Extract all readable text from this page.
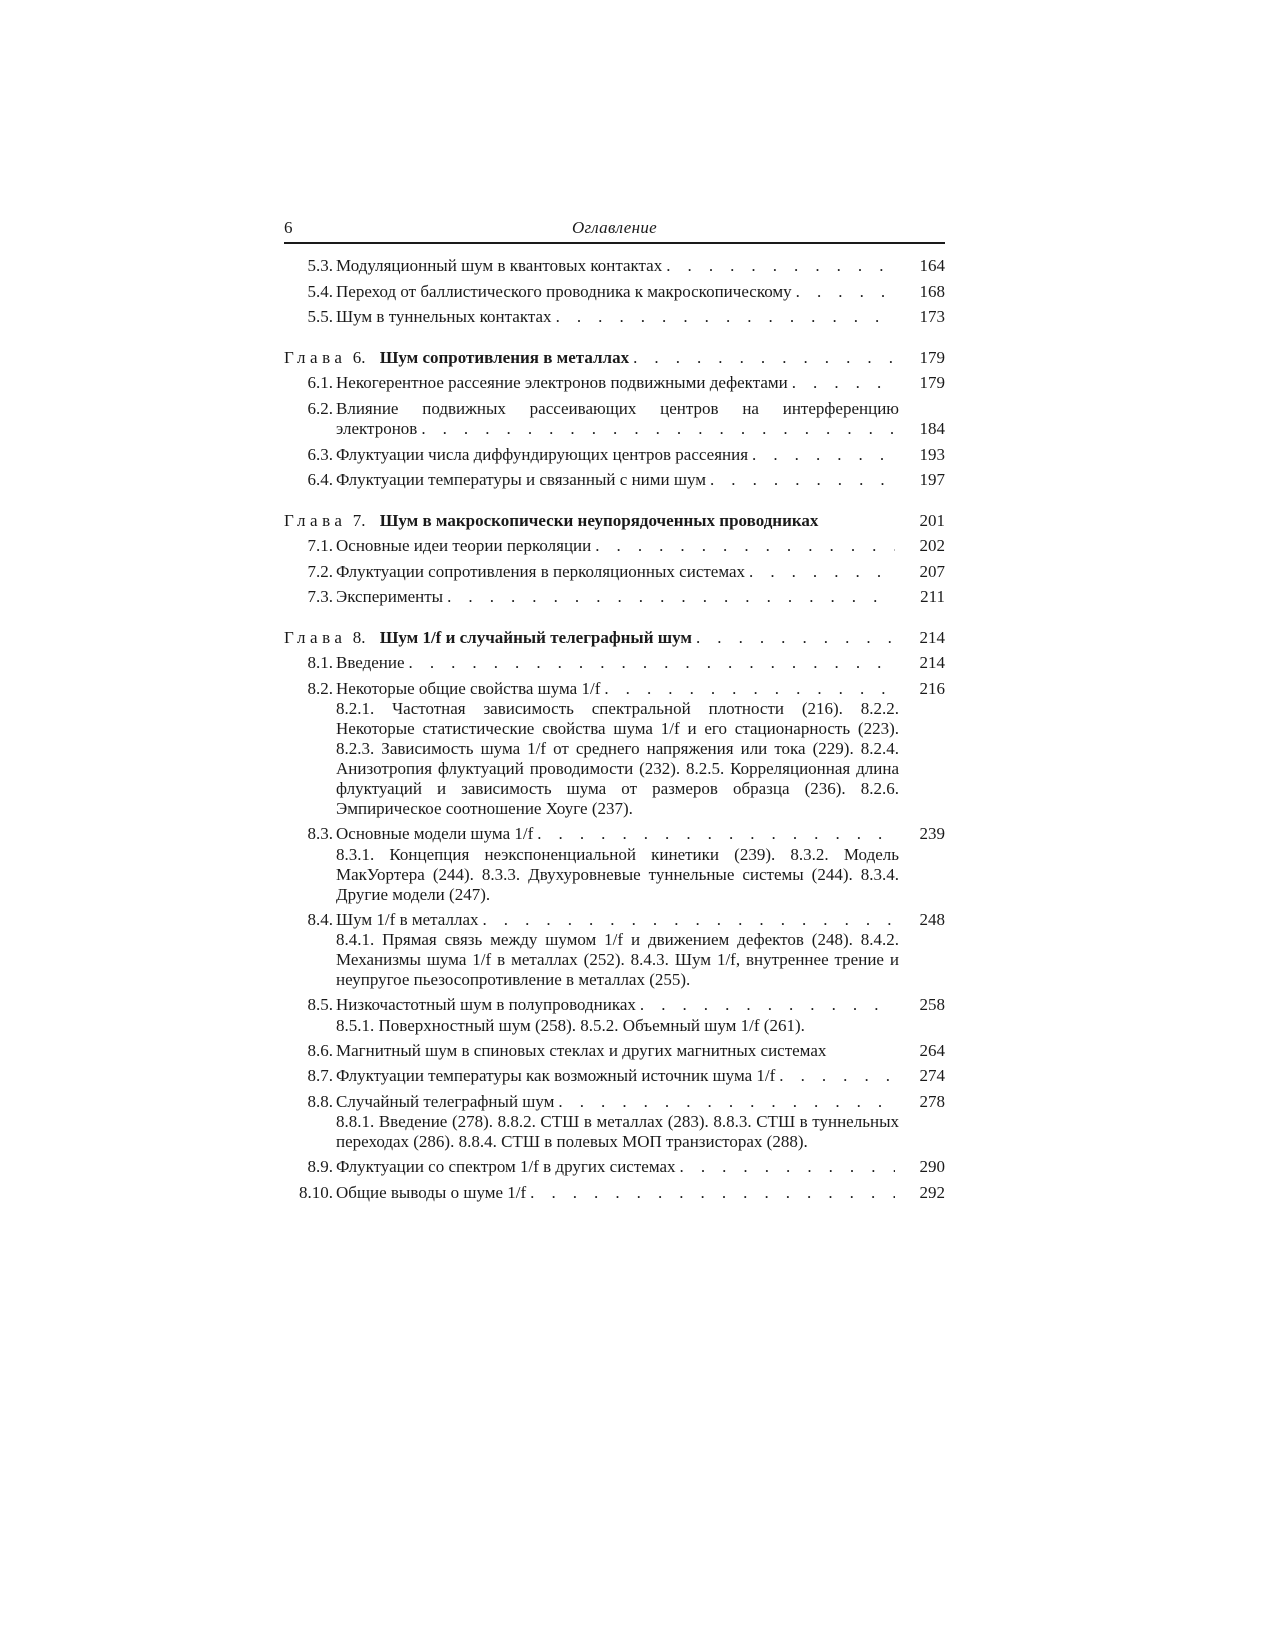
6	Оглавление
5.3. Модуляционный шум в квантовых контактах . . .	164
5.4. Переход от баллистического проводника к макроскопическому . . .	168
5.5. Шум в туннельных контактах . . .	173
Глава 6. Шум сопротивления в металлах . . .	179
6.1. Некогерентное рассеяние электронов подвижными дефектами . . .	179
6.2. Влияние подвижных рассеивающих центров на интерференцию
электронов . . .	184
6.3. Флуктуации числа диффундирующих центров рассеяния . . .	193
6.4. Флуктуации температуры и связанный с ними шум . . .	197
Глава 7. Шум в макроскопически неупорядоченных проводниках	201
7.1. Основные идеи теории перколяции . . .	202
7.2. Флуктуации сопротивления в перколяционных системах . . .	207
7.3. Эксперименты . . .	211
Глава 8. Шум 1/f и случайный телеграфный шум . . .	214
8.1. Введение . . .	214
8.2. Некоторые общие свойства шума 1/f . . .	216
8.2.1. Частотная зависимость спектральной плотности (216). 8.2.2. Некоторые статистические свойства шума 1/f и его стационарность (223). 8.2.3. Зависимость шума 1/f от среднего напряжения или тока (229). 8.2.4. Анизотропия флуктуаций проводимости (232). 8.2.5. Корреляционная длина флуктуаций и зависимость шума от размеров образца (236). 8.2.6. Эмпирическое соотношение Хоуге (237).
8.3. Основные модели шума 1/f . . .	239
8.3.1. Концепция неэкспоненциальной кинетики (239). 8.3.2. Модель МакУортера (244). 8.3.3. Двухуровневые туннельные системы (244). 8.3.4. Другие модели (247).
8.4. Шум 1/f в металлах . . .	248
8.4.1. Прямая связь между шумом 1/f и движением дефектов (248). 8.4.2. Механизмы шума 1/f в металлах (252). 8.4.3. Шум 1/f, внутреннее трение и неупругое пьезосопротивление в металлах (255).
8.5. Низкочастотный шум в полупроводниках . . .	258
8.5.1. Поверхностный шум (258). 8.5.2. Объемный шум 1/f (261).
8.6. Магнитный шум в спиновых стеклах и других магнитных системах	264
8.7. Флуктуации температуры как возможный источник шума 1/f . . .	274
8.8. Случайный телеграфный шум . . .	278
8.8.1. Введение (278). 8.8.2. СТШ в металлах (283). 8.8.3. СТШ в туннельных переходах (286). 8.8.4. СТШ в полевых МОП транзисторах (288).
8.9. Флуктуации со спектром 1/f в других системах . . .	290
8.10. Общие выводы о шуме 1/f . . .	292
